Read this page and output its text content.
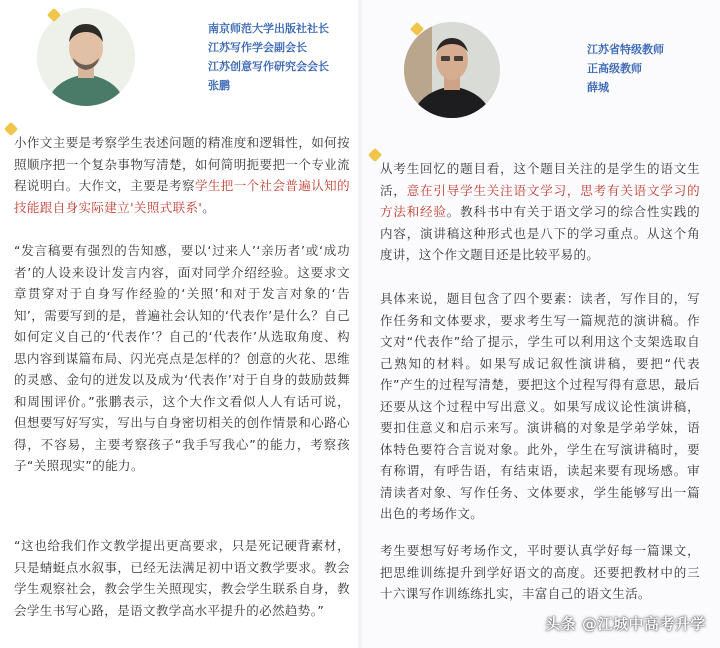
南京师范大学出版社社长
江苏写作学会副会长
江苏创意写作研究会会长
张鹏
江苏省特级教师
正高级教师
薛城

小作文主要是考察学生表述问题的精准度和逻辑性，如何按照顺序把一个复杂事物写清楚，如何简明扼要把一个专业流程说明白。大作文，主要是考察学生把一个社会普遍认知的技能跟自身实际建立'关照式联系'。

“发言稿要有强烈的告知感，要以‘过来人’‘亲历者’或‘成功者’的人设来设计发言内容，面对同学介绍经验。这要求文章贯穿对于自身写作经验的‘关照’和对于发言对象的‘告知’，需要写到的是，普遍社会认知的‘代表作’是什么？自己如何定义自己的‘代表作’？自己的‘代表作’从选取角度、构思内容到谋篇布局、闪光亮点是怎样的？创意的火花、思维的灵感、金句的迸发以及成为‘代表作’对于自身的鼓励鼓舞和周围评价。”张鹏表示，这个大作文看似人人有话可说，但想要写好写实，写出与自身密切相关的创作情景和心路心得，不容易，主要考察孩子“我手写我心”的能力，考察孩子“关照现实”的能力。

“这也给我们作文教学提出更高要求，只是死记硬背素材，只是蜻蜓点水叙事，已经无法满足初中语文教学要求。教会学生观察社会，教会学生关照现实，教会学生联系自身，教会学生书写心路，是语文教学高水平提升的必然趋势。”

从考生回忆的题目看，这个题目关注的是学生的语文生活，意在引导学生关注语文学习，思考有关语文学习的方法和经验。教科书中有关于语文学习的综合性实践的内容，演讲稿这种形式也是八下的学习重点。从这个角度讲，这个作文题目还是比较平易的。

具体来说，题目包含了四个要素：读者，写作目的，写作任务和文体要求，要求考生写一篇规范的演讲稿。作文对“代表作”给了提示，学生可以利用这个支架选取自己熟知的材料。如果写成记叙性演讲稿，要把“代表作”产生的过程写清楚，要把这个过程写得有意思，最后还要从这个过程中写出意义。如果写成议论性演讲稿，要扣住意义和启示来写。演讲稿的对象是学弟学妹，语体特色要符合言说对象。此外，学生在写演讲稿时，要有称谓，有呼告语，有结束语，读起来要有现场感。审清读者对象、写作任务、文体要求，学生能够写出一篇出色的考场作文。

考生要想写好考场作文，平时要认真学好每一篇课文，把思维训练提升到学好语文的高度。还要把教材中的三十六课写作训练练扎实，丰富自己的语文生活。

头条 @江城中高考升学
